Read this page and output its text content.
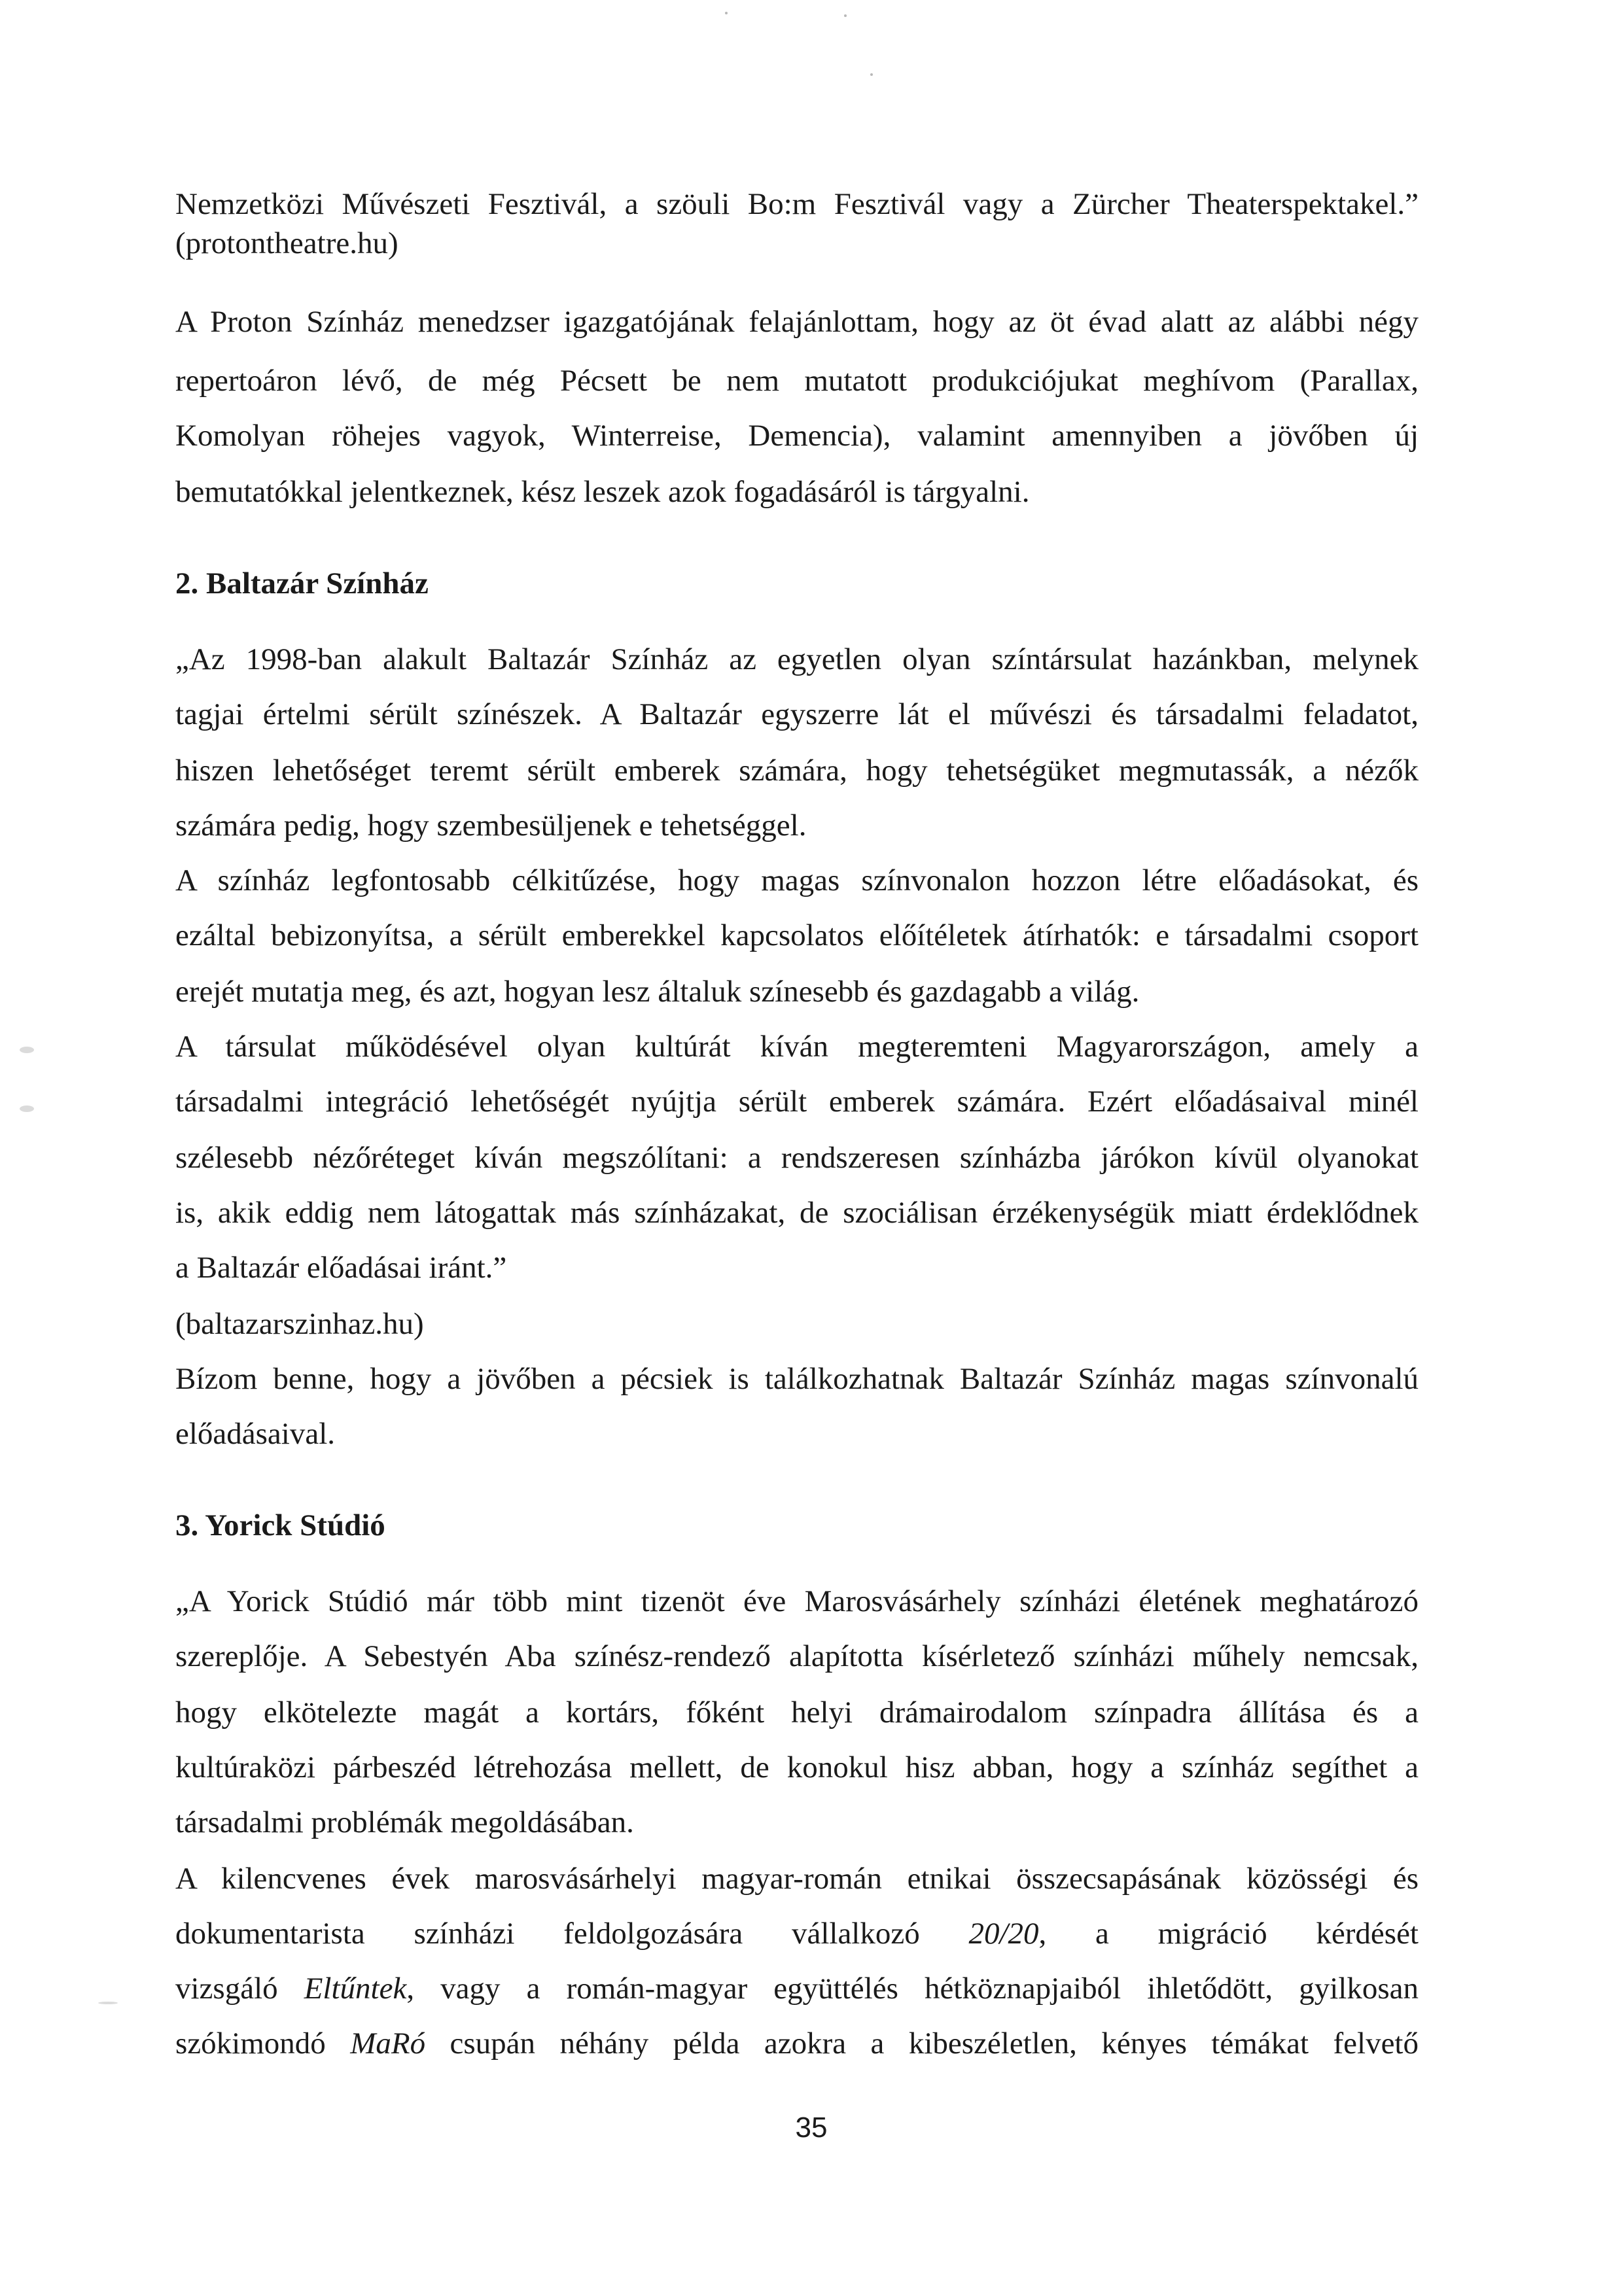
Nemzetközi Művészeti Fesztivál, a szöuli Bo:m Fesztivál vagy a Zürcher Theaterspektakel.”
(protontheatre.hu)
A Proton Színház menedzser igazgatójának felajánlottam, hogy az öt évad alatt az alábbi négy
repertoáron lévő, de még Pécsett be nem mutatott produkciójukat meghívom (Parallax,
Komolyan röhejes vagyok, Winterreise, Demencia), valamint amennyiben a jövőben új
bemutatókkal jelentkeznek, kész leszek azok fogadásáról is tárgyalni.
2. Baltazár Színház
„Az 1998-ban alakult Baltazár Színház az egyetlen olyan színtársulat hazánkban, melynek
tagjai értelmi sérült színészek. A Baltazár egyszerre lát el művészi és társadalmi feladatot,
hiszen lehetőséget teremt sérült emberek számára, hogy tehetségüket megmutassák, a nézők
számára pedig, hogy szembesüljenek e tehetséggel.
A színház legfontosabb célkitűzése, hogy magas színvonalon hozzon létre előadásokat, és
ezáltal bebizonyítsa, a sérült emberekkel kapcsolatos előítéletek átírhatók: e társadalmi csoport
erejét mutatja meg, és azt, hogyan lesz általuk színesebb és gazdagabb a világ.
A társulat működésével olyan kultúrát kíván megteremteni Magyarországon, amely a
társadalmi integráció lehetőségét nyújtja sérült emberek számára. Ezért előadásaival minél
szélesebb nézőréteget kíván megszólítani: a rendszeresen színházba járókon kívül olyanokat
is, akik eddig nem látogattak más színházakat, de szociálisan érzékenységük miatt érdeklődnek
a Baltazár előadásai iránt.”
(baltazarszinhaz.hu)
Bízom benne, hogy a jövőben a pécsiek is találkozhatnak Baltazár Színház magas színvonalú
előadásaival.
3. Yorick Stúdió
„A Yorick Stúdió már több mint tizenöt éve Marosvásárhely színházi életének meghatározó
szereplője. A Sebestyén Aba színész-rendező alapította kísérletező színházi műhely nemcsak,
hogy elkötelezte magát a kortárs, főként helyi drámairodalom színpadra állítása és a
kultúraközi párbeszéd létrehozása mellett, de konokul hisz abban, hogy a színház segíthet a
társadalmi problémák megoldásában.
A kilencvenes évek marosvásárhelyi magyar-román etnikai összecsapásának közösségi és
dokumentarista színházi feldolgozására vállalkozó 20/20, a migráció kérdését
vizsgáló Eltűntek, vagy a román-magyar együttélés hétköznapjaiból ihletődött, gyilkosan
szókimondó MaRó csupán néhány példa azokra a kibeszéletlen, kényes témákat felvető
35
